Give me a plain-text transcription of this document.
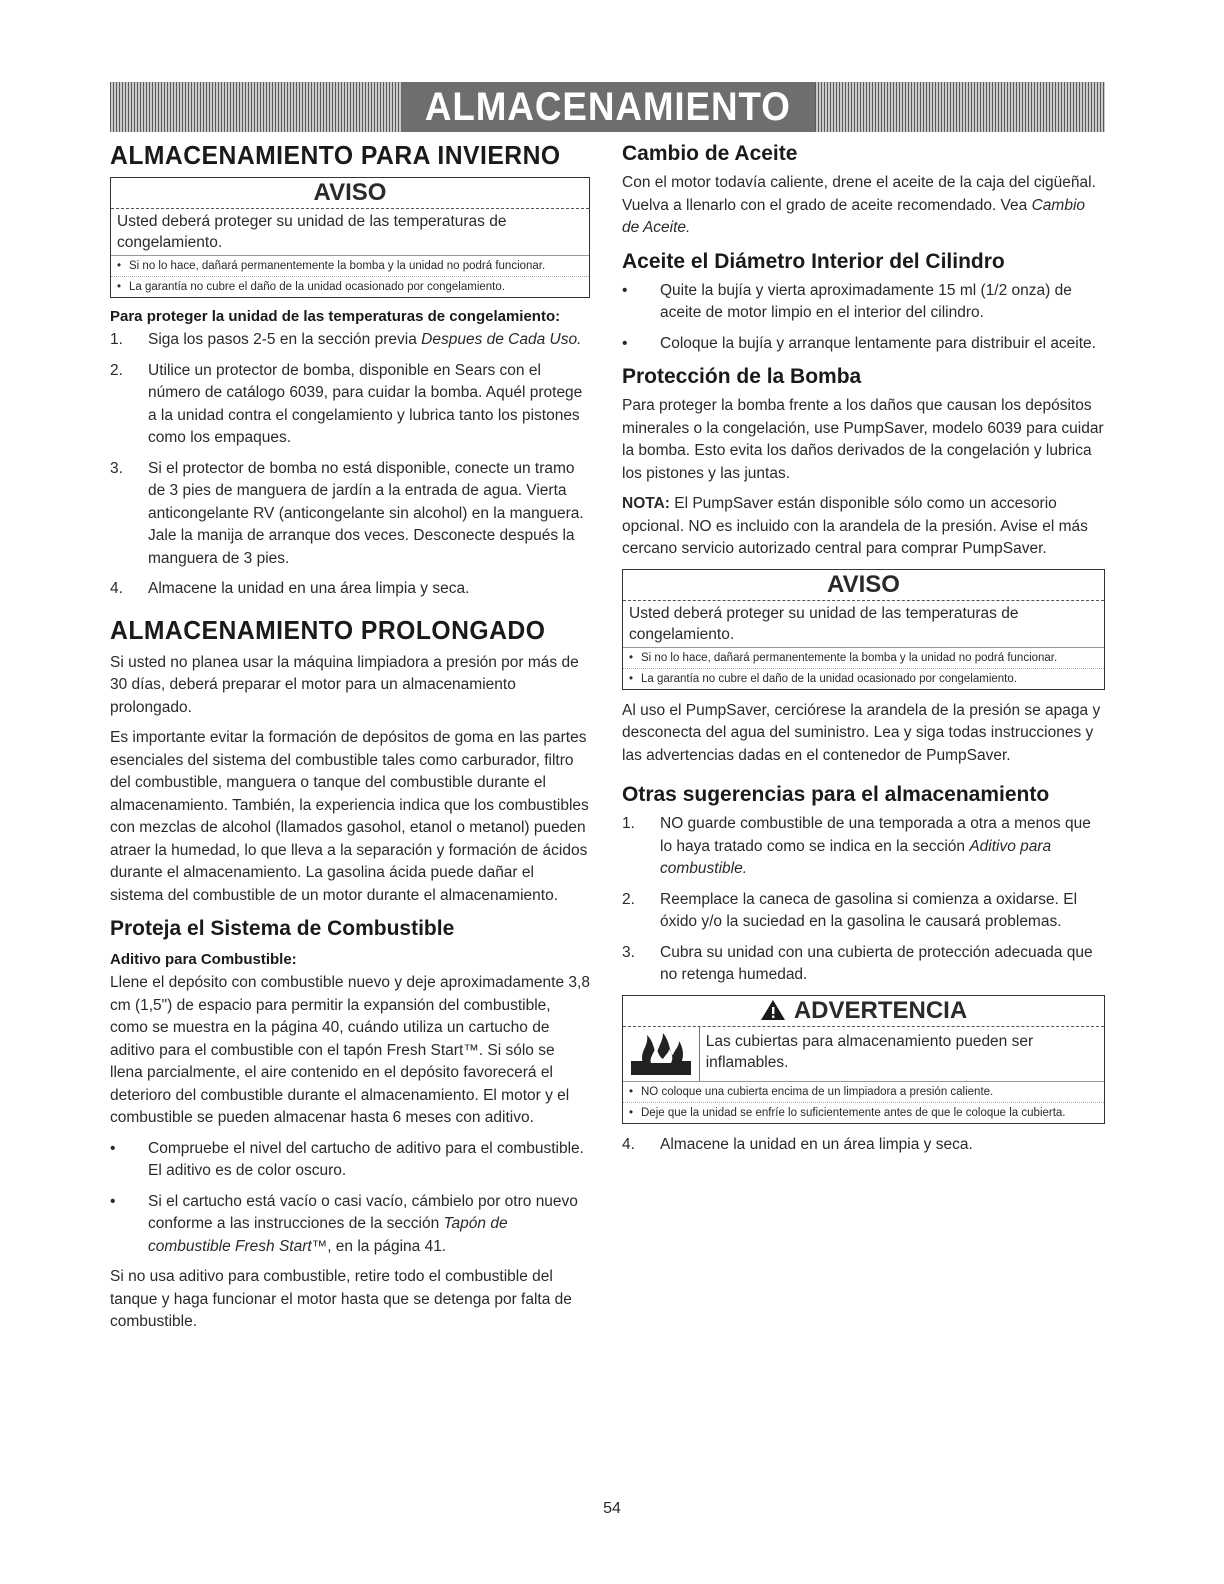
ALMACENAMIENTO
ALMACENAMIENTO PARA INVIERNO
AVISO
Usted deberá proteger su unidad de las temperaturas de congelamiento.
• Si no lo hace, dañará permanentemente la bomba y la unidad no podrá funcionar.
• La garantía no cubre el daño de la unidad ocasionado por congelamiento.
Para proteger la unidad de las temperaturas de congelamiento:
1. Siga los pasos 2-5 en la sección previa Despues de Cada Uso.
2. Utilice un protector de bomba, disponible en Sears con el número de catálogo 6039, para cuidar la bomba. Aquél protege a la unidad contra el congelamiento y lubrica tanto los pistones como los empaques.
3. Si el protector de bomba no está disponible, conecte un tramo de 3 pies de manguera de jardín a la entrada de agua. Vierta anticongelante RV (anticongelante sin alcohol) en la manguera. Jale la manija de arranque dos veces. Desconecte después la manguera de 3 pies.
4. Almacene la unidad en una área limpia y seca.
ALMACENAMIENTO PROLONGADO

Si usted no planea usar la máquina limpiadora a presión por más de 30 días, deberá preparar el motor para un almacenamiento prolongado.

Es importante evitar la formación de depósitos de goma en las partes esenciales del sistema del combustible tales como carburador, filtro del combustible, manguera o tanque del combustible durante el almacenamiento. También, la experiencia indica que los combustibles con mezclas de alcohol (llamados gasohol, etanol o metanol) pueden atraer la humedad, lo que lleva a la separación y formación de ácidos durante el almacenamiento. La gasolina ácida puede dañar el sistema del combustible de un motor durante el almacenamiento.

Proteja el Sistema de Combustible
Aditivo para Combustible:

Llene el depósito con combustible nuevo y deje aproximadamente 3,8 cm (1,5") de espacio para permitir la expansión del combustible, como se muestra en la página 40, cuándo utiliza un cartucho de aditivo para el combustible con el tapón Fresh Start™. Si sólo se llena parcialmente, el aire contenido en el depósito favorecerá el deterioro del combustible durante el almacenamiento. El motor y el combustible se pueden almacenar hasta 6 meses con aditivo.

• Compruebe el nivel del cartucho de aditivo para el combustible. El aditivo es de color oscuro.
• Si el cartucho está vacío o casi vacío, cámbielo por otro nuevo conforme a las instrucciones de la sección Tapón de combustible Fresh Start™, en la página 41.

Si no usa aditivo para combustible, retire todo el combustible del tanque y haga funcionar el motor hasta que se detenga por falta de combustible.

Cambio de Aceite

Con el motor todavía caliente, drene el aceite de la caja del cigüeñal. Vuelva a llenarlo con el grado de aceite recomendado. Vea Cambio de Aceite.

Aceite el Diámetro Interior del Cilindro
• Quite la bujía y vierta aproximadamente 15 ml (1/2 onza) de aceite de motor limpio en el interior del cilindro.
• Coloque la bujía y arranque lentamente para distribuir el aceite.
Protección de la Bomba

Para proteger la bomba frente a los daños que causan los depósitos minerales o la congelación, use PumpSaver, modelo 6039 para cuidar la bomba. Esto evita los daños derivados de la congelación y lubrica los pistones y las juntas.

NOTA: El PumpSaver están disponible sólo como un accesorio opcional. NO es incluido con la arandela de la presión. Avise el más cercano servicio autorizado central para comprar PumpSaver.

AVISO
Usted deberá proteger su unidad de las temperaturas de congelamiento.
• Si no lo hace, dañará permanentemente la bomba y la unidad no podrá funcionar.
• La garantía no cubre el daño de la unidad ocasionado por congelamiento.

Al uso el PumpSaver, cerciórese la arandela de la presión se apaga y desconecta del agua del suministro. Lea y siga todas instrucciones y las advertencias dadas en el contenedor de PumpSaver.

Otras sugerencias para el almacenamiento
1. NO guarde combustible de una temporada a otra a menos que lo haya tratado como se indica en la sección Aditivo para combustible.
2. Reemplace la caneca de gasolina si comienza a oxidarse. El óxido y/o la suciedad en la gasolina le causará problemas.
3. Cubra su unidad con una cubierta de protección adecuada que no retenga humedad.
ADVERTENCIA
Las cubiertas para almacenamiento pueden ser inflamables.
• NO coloque una cubierta encima de un limpiadora a presión caliente.
• Deje que la unidad se enfríe lo suficientemente antes de que le coloque la cubierta.
4. Almacene la unidad en un área limpia y seca.
54
